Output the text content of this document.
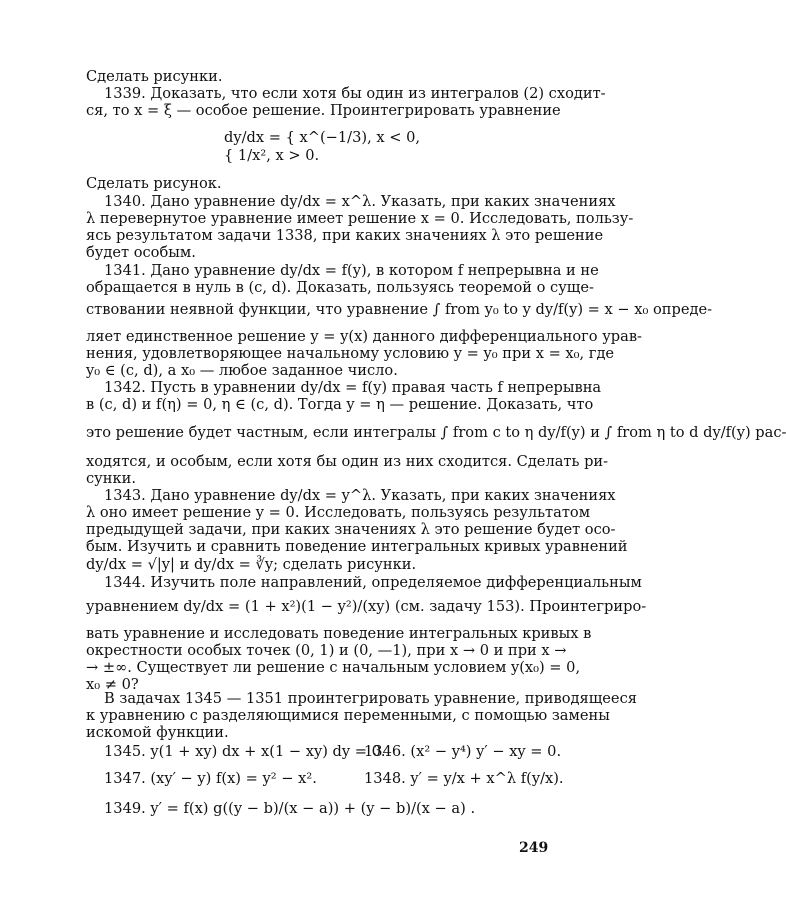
Сделать рисунки.
1339. Доказать, что если хотя бы один из интегралов (2) сходит-
ся, то x = ξ — особое решение. Проинтегрировать уравнение
dy/dx = { x^(−1/3), x < 0,
{ 1/x², x > 0.
Сделать рисунок.
1340. Дано уравнение dy/dx = x^λ. Указать, при каких значениях
λ перевернутое уравнение имеет решение x = 0. Исследовать, пользу-
ясь результатом задачи 1338, при каких значениях λ это решение
будет особым.
1341. Дано уравнение dy/dx = f(y), в котором f непрерывна и не
обращается в нуль в (c, d). Доказать, пользуясь теоремой о суще-
ствовании неявной функции, что уравнение ∫ from y₀ to y dy/f(y) = x − x₀ опреде-
ляет единственное решение y = y(x) данного дифференциального урав-
нения, удовлетворяющее начальному условию y = y₀ при x = x₀, где
y₀ ∈ (c, d), а x₀ — любое заданное число.
1342. Пусть в уравнении dy/dx = f(y) правая часть f непрерывна
в (c, d) и f(η) = 0, η ∈ (c, d). Тогда y = η — решение. Доказать, что
это решение будет частным, если интегралы ∫ from c to η dy/f(y) и ∫ from η to d dy/f(y) рас-
ходятся, и особым, если хотя бы один из них сходится. Сделать ри-
сунки.
1343. Дано уравнение dy/dx = y^λ. Указать, при каких значениях
λ оно имеет решение y = 0. Исследовать, пользуясь результатом
предыдущей задачи, при каких значениях λ это решение будет осо-
бым. Изучить и сравнить поведение интегральных кривых уравнений
dy/dx = √|y| и dy/dx = ∛y; сделать рисунки.
1344. Изучить поле направлений, определяемое дифференциальным
уравнением dy/dx = (1 + x²)(1 − y²)/(xy) (см. задачу 153). Проинтегриро-
вать уравнение и исследовать поведение интегральных кривых в
окрестности особых точек (0, 1) и (0, —1), при x → 0 и при x →
→ ±∞. Существует ли решение с начальным условием y(x₀) = 0,
x₀ ≠ 0?
В задачах 1345 — 1351 проинтегрировать уравнение, приводящееся
к уравнению с разделяющимися переменными, с помощью замены
искомой функции.
1345. y(1 + xy) dx + x(1 − xy) dy = 0.
1346. (x² − y⁴) y′ − xy = 0.
1347. (xy′ − y) f(x) = y² − x².	1348. y′ = y/x + x^λ f(y/x).
1349. y′ = f(x) g((y − b)/(x − a)) + (y − b)/(x − a) .
249
